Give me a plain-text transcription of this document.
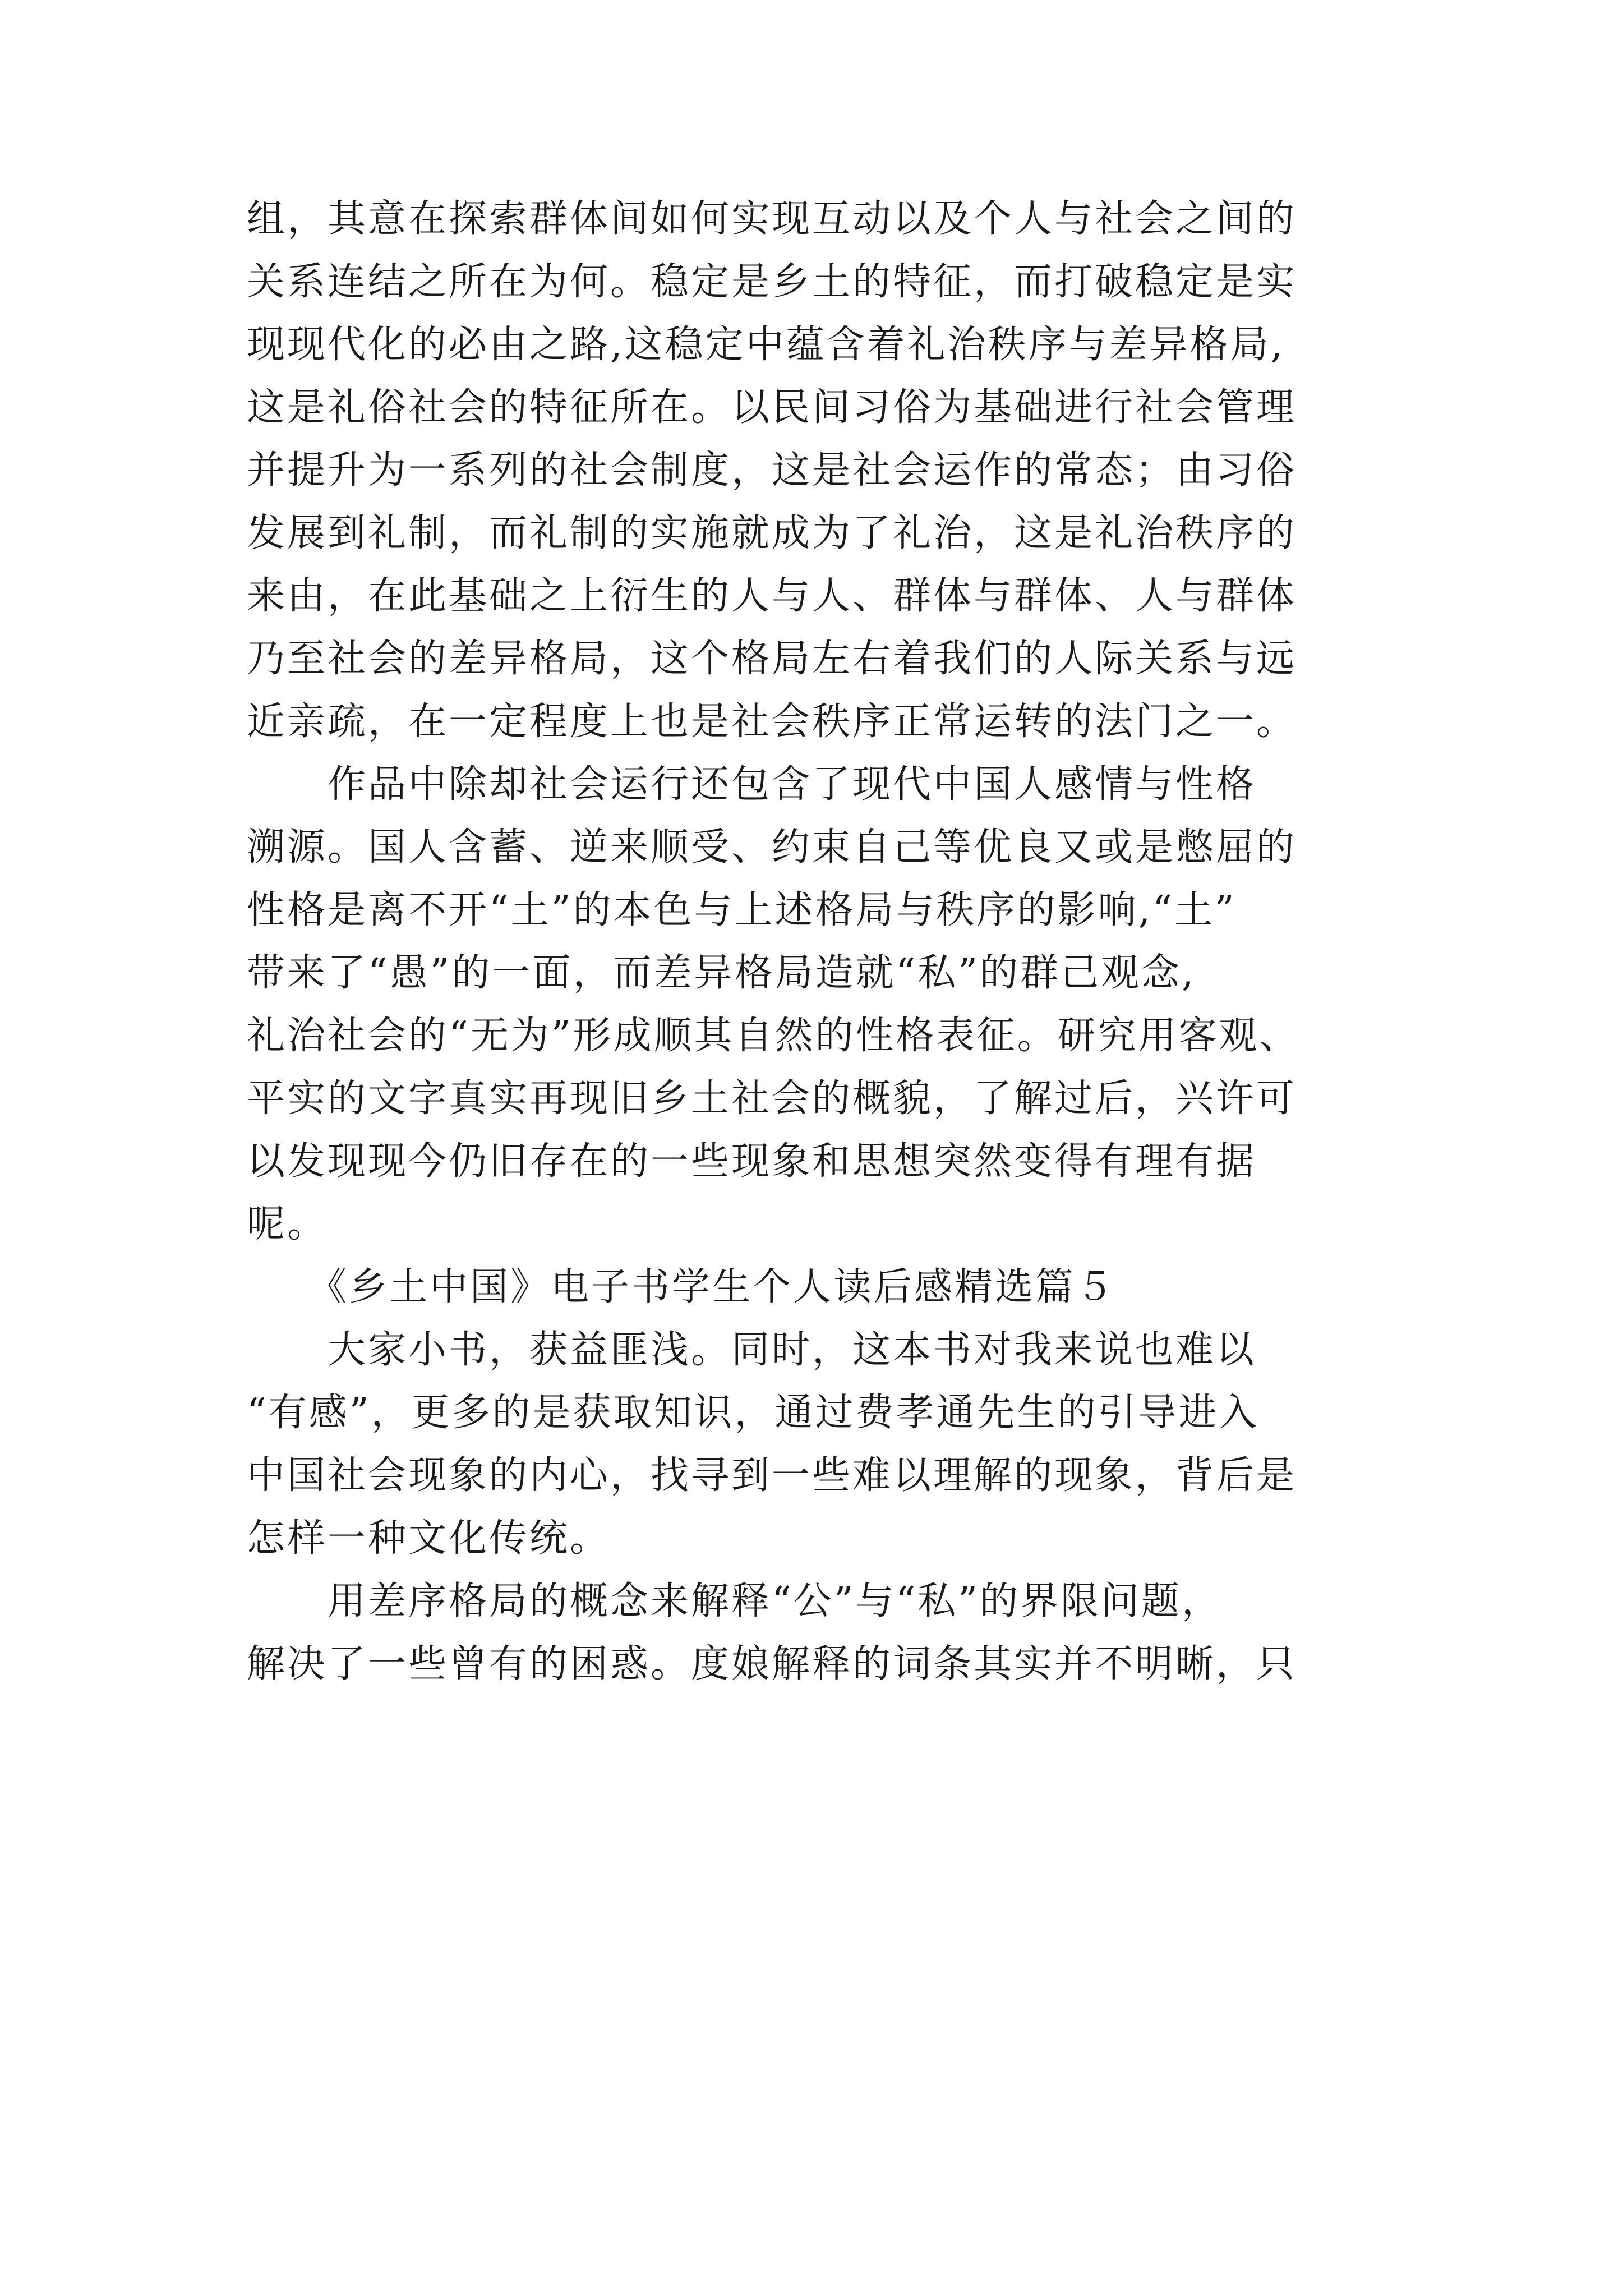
组，其意在探索群体间如何实现互动以及个人与社会之间的
关系连结之所在为何。稳定是乡土的特征，而打破稳定是实
现现代化的必由之路,这稳定中蕴含着礼治秩序与差异格局,
这是礼俗社会的特征所在。以民间习俗为基础进行社会管理
并提升为一系列的社会制度，这是社会运作的常态；由习俗
发展到礼制，而礼制的实施就成为了礼治，这是礼治秩序的
来由，在此基础之上衍生的人与人、群体与群体、人与群体
乃至社会的差异格局，这个格局左右着我们的人际关系与远
近亲疏，在一定程度上也是社会秩序正常运转的法门之一。
　　作品中除却社会运行还包含了现代中国人感情与性格
溯源。国人含蓄、逆来顺受、约束自己等优良又或是憋屈的
性格是离不开“土”的本色与上述格局与秩序的影响,“土”
带来了“愚”的一面，而差异格局造就“私”的群己观念,
礼治社会的“无为”形成顺其自然的性格表征。研究用客观、
平实的文字真实再现旧乡土社会的概貌，了解过后，兴许可
以发现现今仍旧存在的一些现象和思想突然变得有理有据
呢。
　　《乡土中国》电子书学生个人读后感精选篇５
　　大家小书，获益匪浅。同时，这本书对我来说也难以
“有感”，更多的是获取知识，通过费孝通先生的引导进入
中国社会现象的内心，找寻到一些难以理解的现象，背后是
怎样一种文化传统。
　　用差序格局的概念来解释“公”与“私”的界限问题，
解决了一些曾有的困惑。度娘解释的词条其实并不明晰，只
